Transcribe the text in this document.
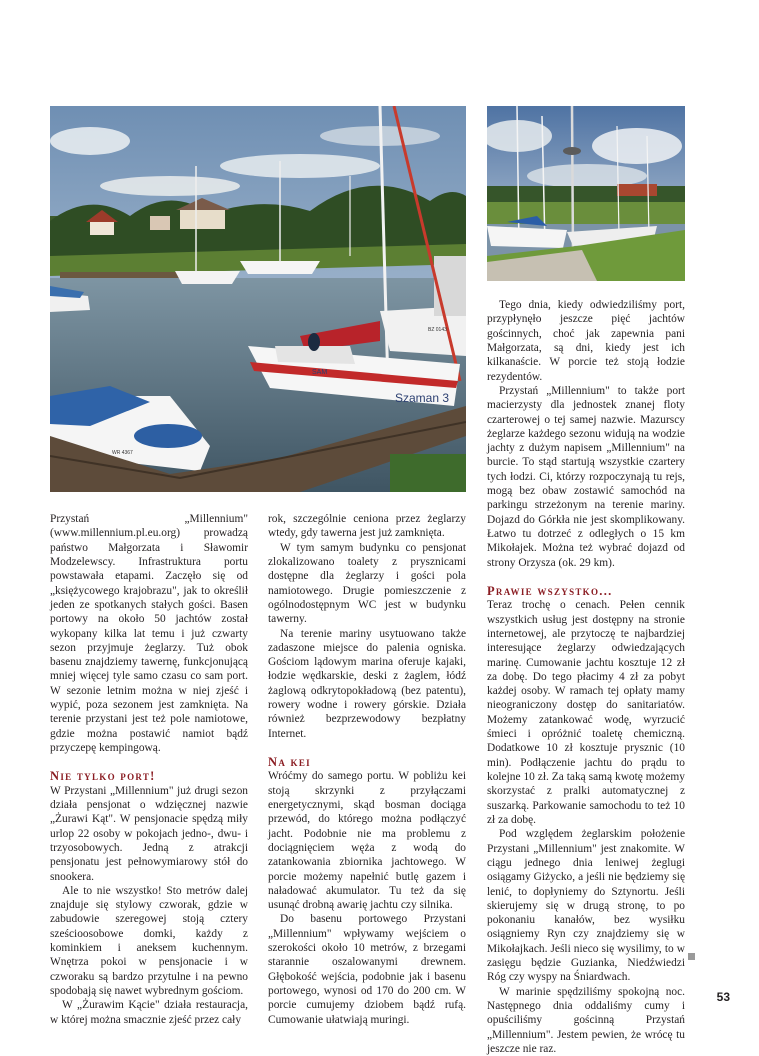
Szaman 3
SAM
BZ 0143
WR 4367

Przystań „Millennium" (www.millennium.pl.eu.org) prowadzą państwo Małgorzata i Sławomir Modzelewscy. Infrastruktura portu powstawała etapami. Zaczęło się od „księżycowego krajobrazu", jak to określił jeden ze spotkanych stałych gości. Basen portowy na około 50 jachtów został wykopany kilka lat temu i już czwarty sezon przyjmuje żeglarzy. Tuż obok basenu znajdziemy tawernę, funkcjonującą mniej więcej tyle samo czasu co sam port. W sezonie letnim można w niej zjeść i wypić, poza sezonem jest zamknięta. Na terenie przystani jest też pole namiotowe, gdzie można postawić namiot bądź przyczepę kempingową.

Nie tylko port!

W Przystani „Millennium" już drugi sezon działa pensjonat o wdzięcznej nazwie „Żurawi Kąt". W pensjonacie spędzą miły urlop 22 osoby w pokojach jedno-, dwu- i trzyosobowych. Jedną z atrakcji pensjonatu jest pełnowymiarowy stół do snookera.

Ale to nie wszystko! Sto metrów dalej znajduje się stylowy czworak, gdzie w zabudowie szeregowej stoją cztery sześcioosobowe domki, każdy z kominkiem i aneksem kuchennym. Wnętrza pokoi w pensjonacie i w czworaku są bardzo przytulne i na pewno spodobają się nawet wybrednym gościom.

W „Żurawim Kącie" działa restauracja, w której można smacznie zjeść przez cały

rok, szczególnie ceniona przez żeglarzy wtedy, gdy tawerna jest już zamknięta.

W tym samym budynku co pensjonat zlokalizowano toalety z prysznicami dostępne dla żeglarzy i gości pola namiotowego. Drugie pomieszczenie z ogólnodostępnym WC jest w budynku tawerny.

Na terenie mariny usytuowano także zadaszone miejsce do palenia ogniska. Gościom lądowym marina oferuje kajaki, łodzie wędkarskie, deski z żaglem, łódź żaglową odkrytopokładową (bez patentu), rowery wodne i rowery górskie. Działa również bezprzewodowy bezpłatny Internet.

Na kei

Wróćmy do samego portu. W pobliżu kei stoją skrzynki z przyłączami energetycznymi, skąd bosman dociąga przewód, do którego można podłączyć jacht. Podobnie nie ma problemu z dociągnięciem węża z wodą do zatankowania zbiornika jachtowego. W porcie możemy napełnić butlę gazem i naładować akumulator. Tu też da się usunąć drobną awarię jachtu czy silnika.

Do basenu portowego Przystani „Millennium" wpływamy wejściem o szerokości około 10 metrów, z brzegami starannie oszalowanymi drewnem. Głębokość wejścia, podobnie jak i basenu portowego, wynosi od 170 do 200 cm. W porcie cumujemy dziobem bądź rufą. Cumowanie ułatwiają muringi.

Tego dnia, kiedy odwiedziliśmy port, przypłynęło jeszcze pięć jachtów gościnnych, choć jak zapewnia pani Małgorzata, są dni, kiedy jest ich kilkanaście. W porcie też stoją łodzie rezydentów.

Przystań „Millennium" to także port macierzysty dla jednostek znanej floty czarterowej o tej samej nazwie. Mazurscy żeglarze każdego sezonu widują na wodzie jachty z dużym napisem „Millennium" na burcie. To stąd startują wszystkie czartery tych łodzi. Ci, którzy rozpoczynają tu rejs, mogą bez obaw zostawić samochód na parkingu strzeżonym na terenie mariny. Dojazd do Górkła nie jest skomplikowany. Łatwo tu dotrzeć z odległych o 15 km Mikołajek. Można też wybrać dojazd od strony Orzysza (ok. 29 km).

Prawie wszystko...

Teraz trochę o cenach. Pełen cennik wszystkich usług jest dostępny na stronie internetowej, ale przytoczę te najbardziej interesujące żeglarzy odwiedzających marinę. Cumowanie jachtu kosztuje 12 zł za dobę. Do tego płacimy 4 zł za pobyt każdej osoby. W ramach tej opłaty mamy nieograniczony dostęp do sanitariatów. Możemy zatankować wodę, wyrzucić śmieci i opróżnić toaletę chemiczną. Dodatkowe 10 zł kosztuje prysznic (10 min). Podłączenie jachtu do prądu to kolejne 10 zł. Za taką samą kwotę możemy skorzystać z pralki automatycznej z suszarką. Parkowanie samochodu to też 10 zł za dobę.

Pod względem żeglarskim położenie Przystani „Millennium" jest znakomite. W ciągu jednego dnia leniwej żeglugi osiągamy Giżycko, a jeśli nie będziemy się lenić, to dopłyniemy do Sztynortu. Jeśli skierujemy się w drugą stronę, to po pokonaniu kanałów, bez wysiłku osiągniemy Ryn czy znajdziemy się w Mikołajkach. Jeśli nieco się wysilimy, to w zasięgu będzie Guzianka, Niedźwiedzi Róg czy wyspy na Śniardwach.

W marinie spędziliśmy spokojną noc. Następnego dnia oddaliśmy cumy i opuściliśmy gościnną Przystań „Millennium". Jestem pewien, że wrócę tu jeszcze nie raz.

53
